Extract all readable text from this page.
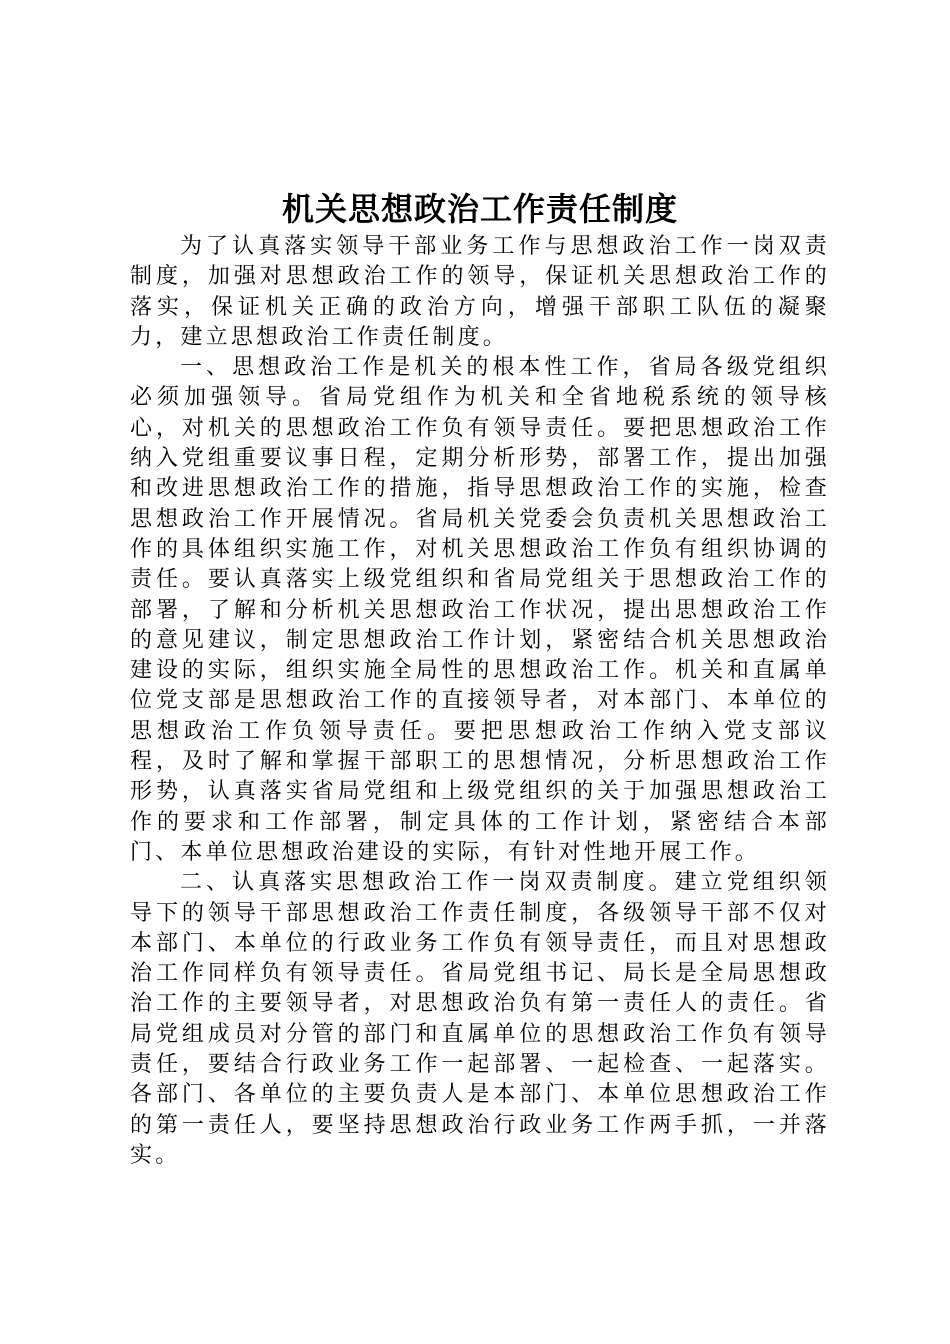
机关思想政治工作责任制度

为了认真落实领导干部业务工作与思想政治工作一岗双责制度，加强对思想政治工作的领导，保证机关思想政治工作的落实，保证机关正确的政治方向，增强干部职工队伍的凝聚力，建立思想政治工作责任制度。

一、思想政治工作是机关的根本性工作，省局各级党组织必须加强领导。省局党组作为机关和全省地税系统的领导核心，对机关的思想政治工作负有领导责任。要把思想政治工作纳入党组重要议事日程，定期分析形势，部署工作，提出加强和改进思想政治工作的措施，指导思想政治工作的实施，检查思想政治工作开展情况。省局机关党委会负责机关思想政治工作的具体组织实施工作，对机关思想政治工作负有组织协调的责任。要认真落实上级党组织和省局党组关于思想政治工作的部署，了解和分析机关思想政治工作状况，提出思想政治工作的意见建议，制定思想政治工作计划，紧密结合机关思想政治建设的实际，组织实施全局性的思想政治工作。机关和直属单位党支部是思想政治工作的直接领导者，对本部门、本单位的思想政治工作负领导责任。要把思想政治工作纳入党支部议程，及时了解和掌握干部职工的思想情况，分析思想政治工作形势，认真落实省局党组和上级党组织的关于加强思想政治工作的要求和工作部署，制定具体的工作计划，紧密结合本部门、本单位思想政治建设的实际，有针对性地开展工作。

二、认真落实思想政治工作一岗双责制度。建立党组织领导下的领导干部思想政治工作责任制度，各级领导干部不仅对本部门、本单位的行政业务工作负有领导责任，而且对思想政治工作同样负有领导责任。省局党组书记、局长是全局思想政治工作的主要领导者，对思想政治负有第一责任人的责任。省局党组成员对分管的部门和直属单位的思想政治工作负有领导责任，要结合行政业务工作一起部署、一起检查、一起落实。各部门、各单位的主要负责人是本部门、本单位思想政治工作的第一责任人，要坚持思想政治行政业务工作两手抓，一并落实。
